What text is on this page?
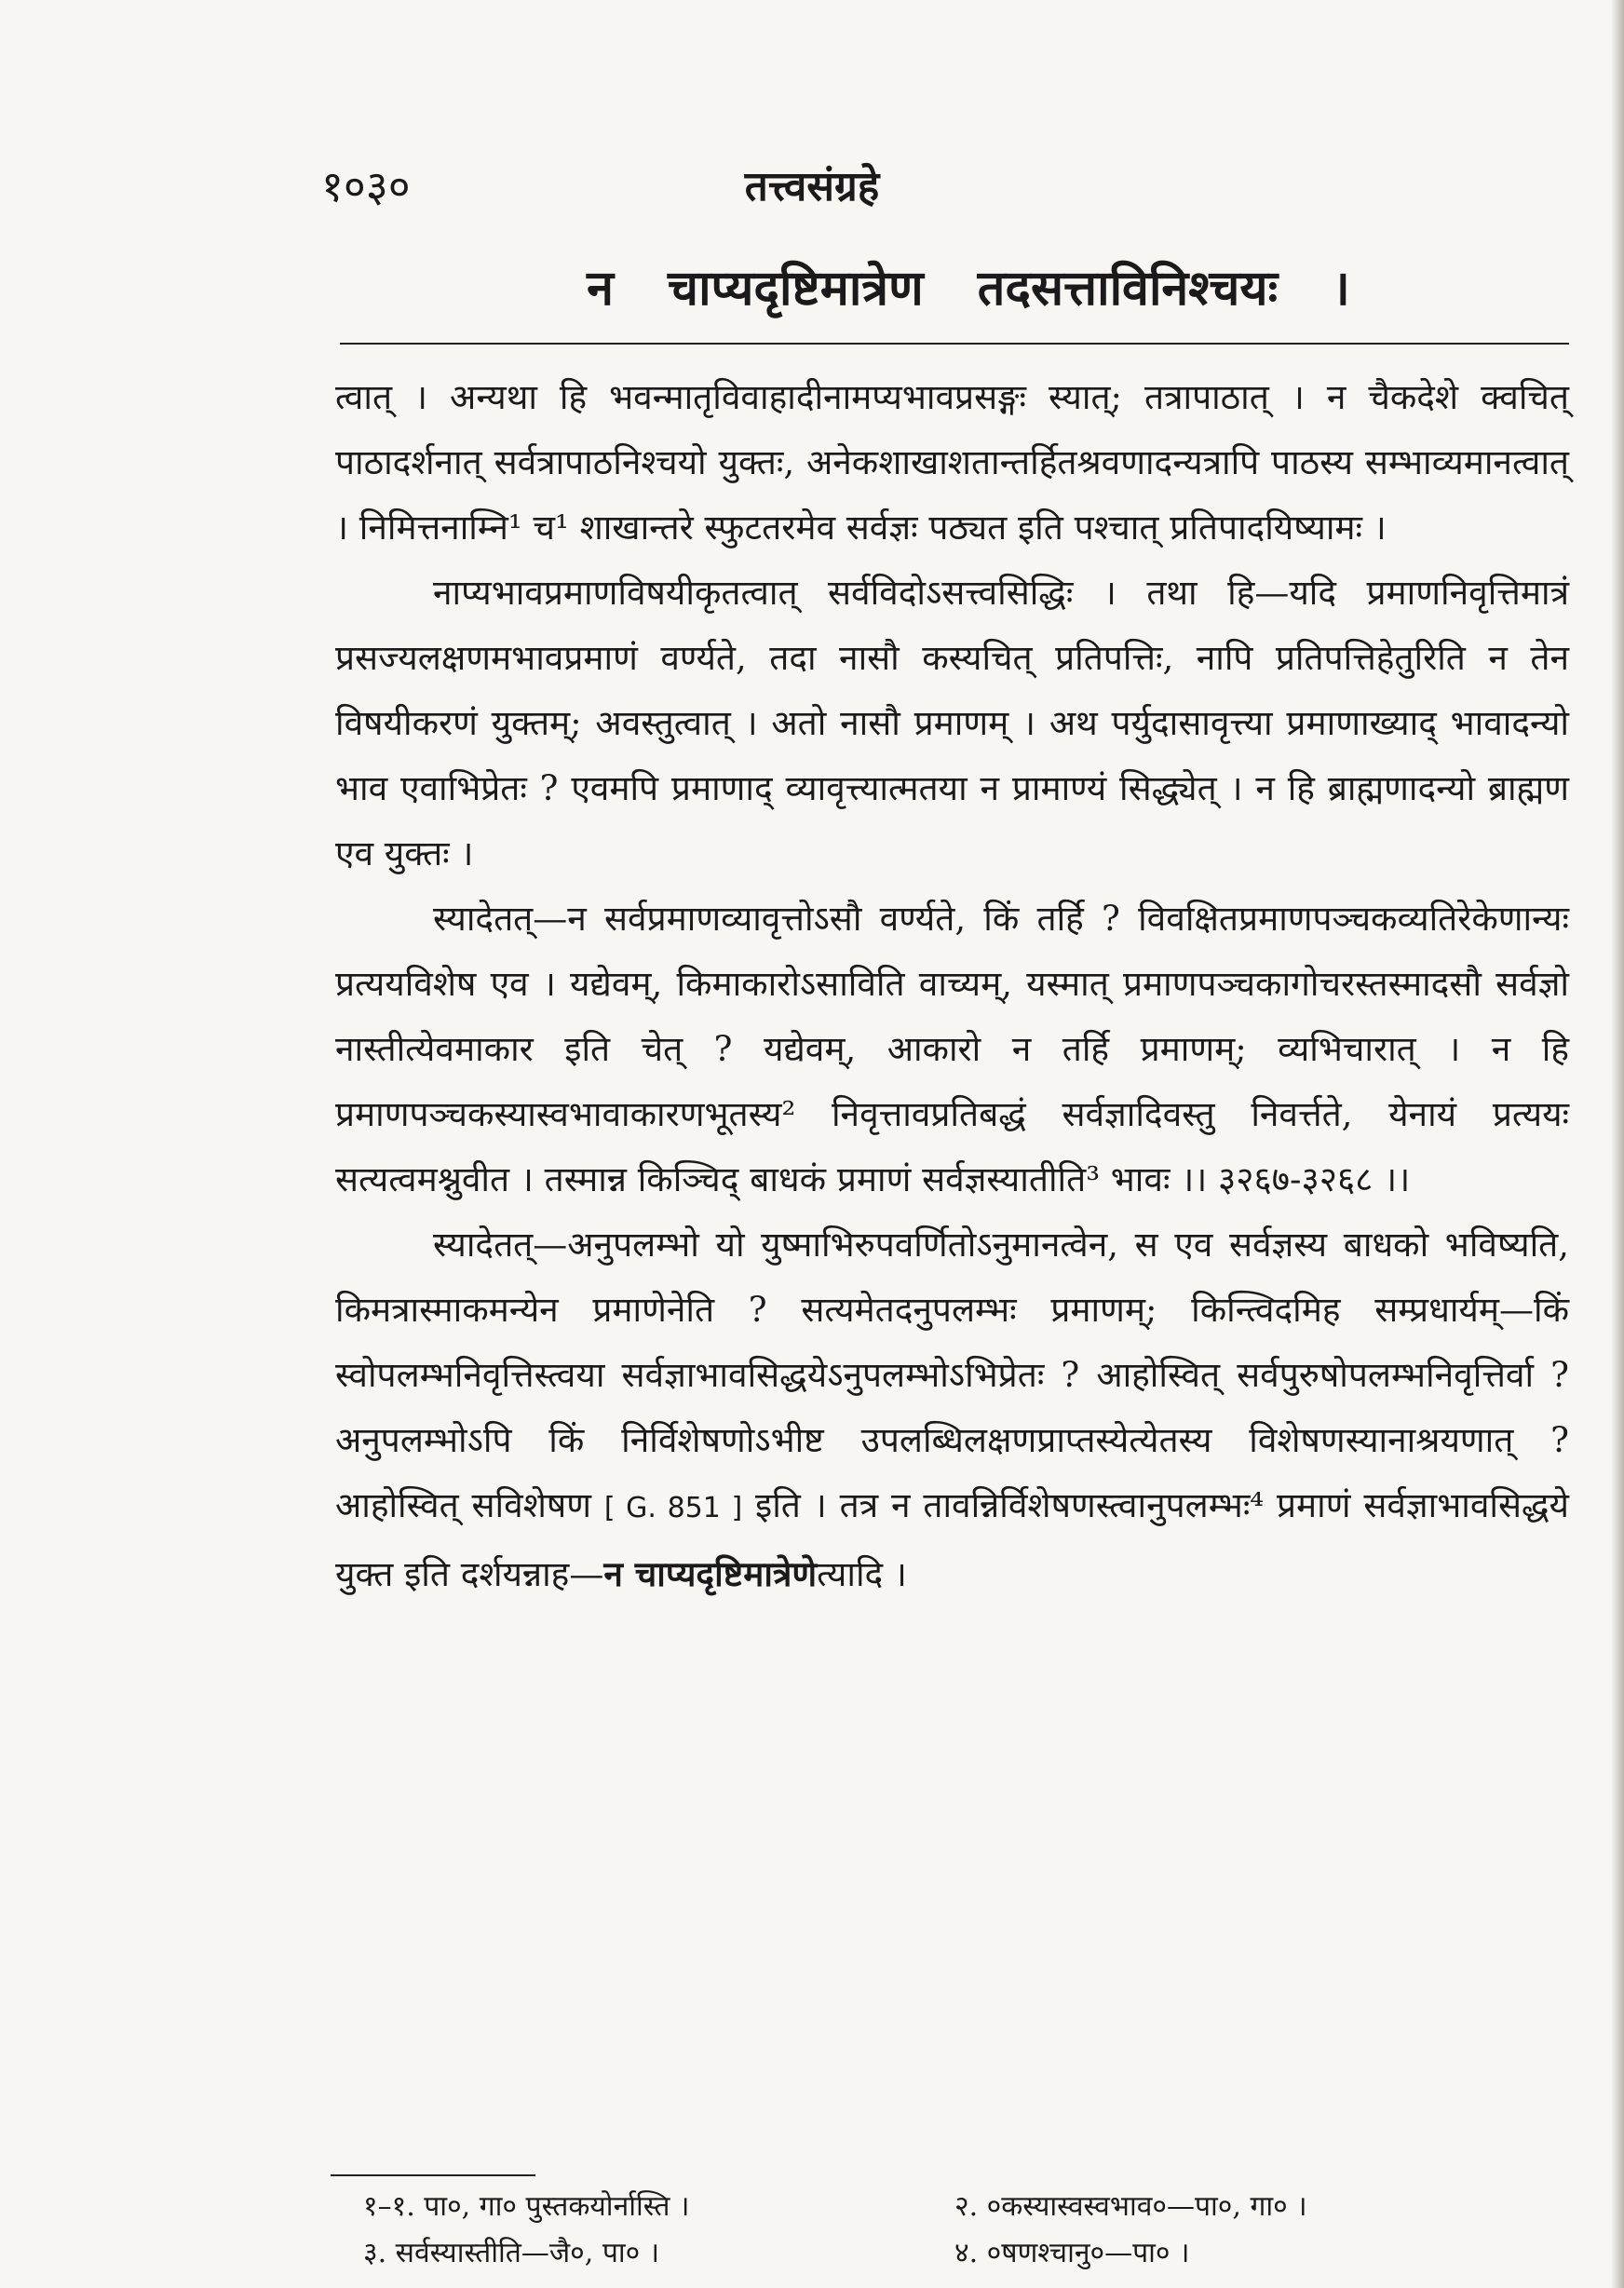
१०३०	तत्त्वसंग्रहे
न चाप्यदृष्टिमात्रेण तदसत्ताविनिश्चयः ।

त्वात् । अन्यथा हि भवन्मातृविवाहादीनामप्यभावप्रसङ्गः स्यात्; तत्रापाठात् । न चैकदेशे क्वचित् पाठादर्शनात् सर्वत्रापाठनिश्चयो युक्तः, अनेकशाखाशतान्तर्हितश्रवणादन्यत्रापि पाठस्य सम्भाव्यमानत्वात् । निमित्तनाम्नि¹ च¹ शाखान्तरे स्फुटतरमेव सर्वज्ञः पठ्यत इति पश्चात् प्रतिपादयिष्यामः ।

नाप्यभावप्रमाणविषयीकृतत्वात् सर्वविदोऽसत्त्वसिद्धिः । तथा हि—यदि प्रमाणनिवृत्तिमात्रं प्रसज्यलक्षणमभावप्रमाणं वर्ण्यते, तदा नासौ कस्यचित् प्रतिपत्तिः, नापि प्रतिपत्तिहेतुरिति न तेन विषयीकरणं युक्तम्; अवस्तुत्वात् । अतो नासौ प्रमाणम् । अथ पर्युदासावृत्त्या प्रमाणाख्याद् भावादन्यो भाव एवाभिप्रेतः ? एवमपि प्रमाणाद् व्यावृत्त्यात्मतया न प्रामाण्यं सिद्ध्येत् । न हि ब्राह्मणादन्यो ब्राह्मण एव युक्तः ।

स्यादेतत्—न सर्वप्रमाणव्यावृत्तोऽसौ वर्ण्यते, किं तर्हि ? विवक्षितप्रमाणपञ्चकव्यतिरेकेणान्यः प्रत्ययविशेष एव । यद्येवम्, किमाकारोऽसाविति वाच्यम्, यस्मात् प्रमाणपञ्चकागोचरस्तस्मादसौ सर्वज्ञो नास्तीत्येवमाकार इति चेत् ? यद्येवम्, आकारो न तर्हि प्रमाणम्; व्यभिचारात् । न हि प्रमाणपञ्चकस्यास्वभावाकारणभूतस्य² निवृत्तावप्रतिबद्धं सर्वज्ञादिवस्तु निवर्त्तते, येनायं प्रत्ययः सत्यत्वमश्नुवीत । तस्मान्न किञ्चिद् बाधकं प्रमाणं सर्वज्ञस्यातीति³ भावः ।। ३२६७-३२६८ ।।

स्यादेतत्—अनुपलम्भो यो युष्माभिरुपवर्णितोऽनुमानत्वेन, स एव सर्वज्ञस्य बाधको भविष्यति, किमत्रास्माकमन्येन प्रमाणेनेति ? सत्यमेतदनुपलम्भः प्रमाणम्; किन्त्विदमिह सम्प्रधार्यम्—किं स्वोपलम्भनिवृत्तिस्त्वया सर्वज्ञाभावसिद्धयेऽनुपलम्भोऽभिप्रेतः ? आहोस्वित् सर्वपुरुषोपलम्भनिवृत्तिर्वा ? अनुपलम्भोऽपि किं निर्विशेषणोऽभीष्ट उपलब्धिलक्षणप्राप्तस्येत्येतस्य विशेषणस्यानाश्रयणात् ? आहोस्वित् सविशेषण [ G. 851 ] इति । तत्र न तावन्निर्विशेषणस्त्वानुपलम्भः⁴ प्रमाणं सर्वज्ञाभावसिद्धये युक्त इति दर्शयन्नाह—न चाप्यदृष्टिमात्रेणेत्यादि ।

१–१. पा०, गा० पुस्तकयोर्नास्ति ।	२. ०कस्यास्वस्वभाव०—पा०, गा० ।
३. सर्वस्यास्तीति—जै०, पा० ।	४. ०षणश्चानु०—पा० ।
